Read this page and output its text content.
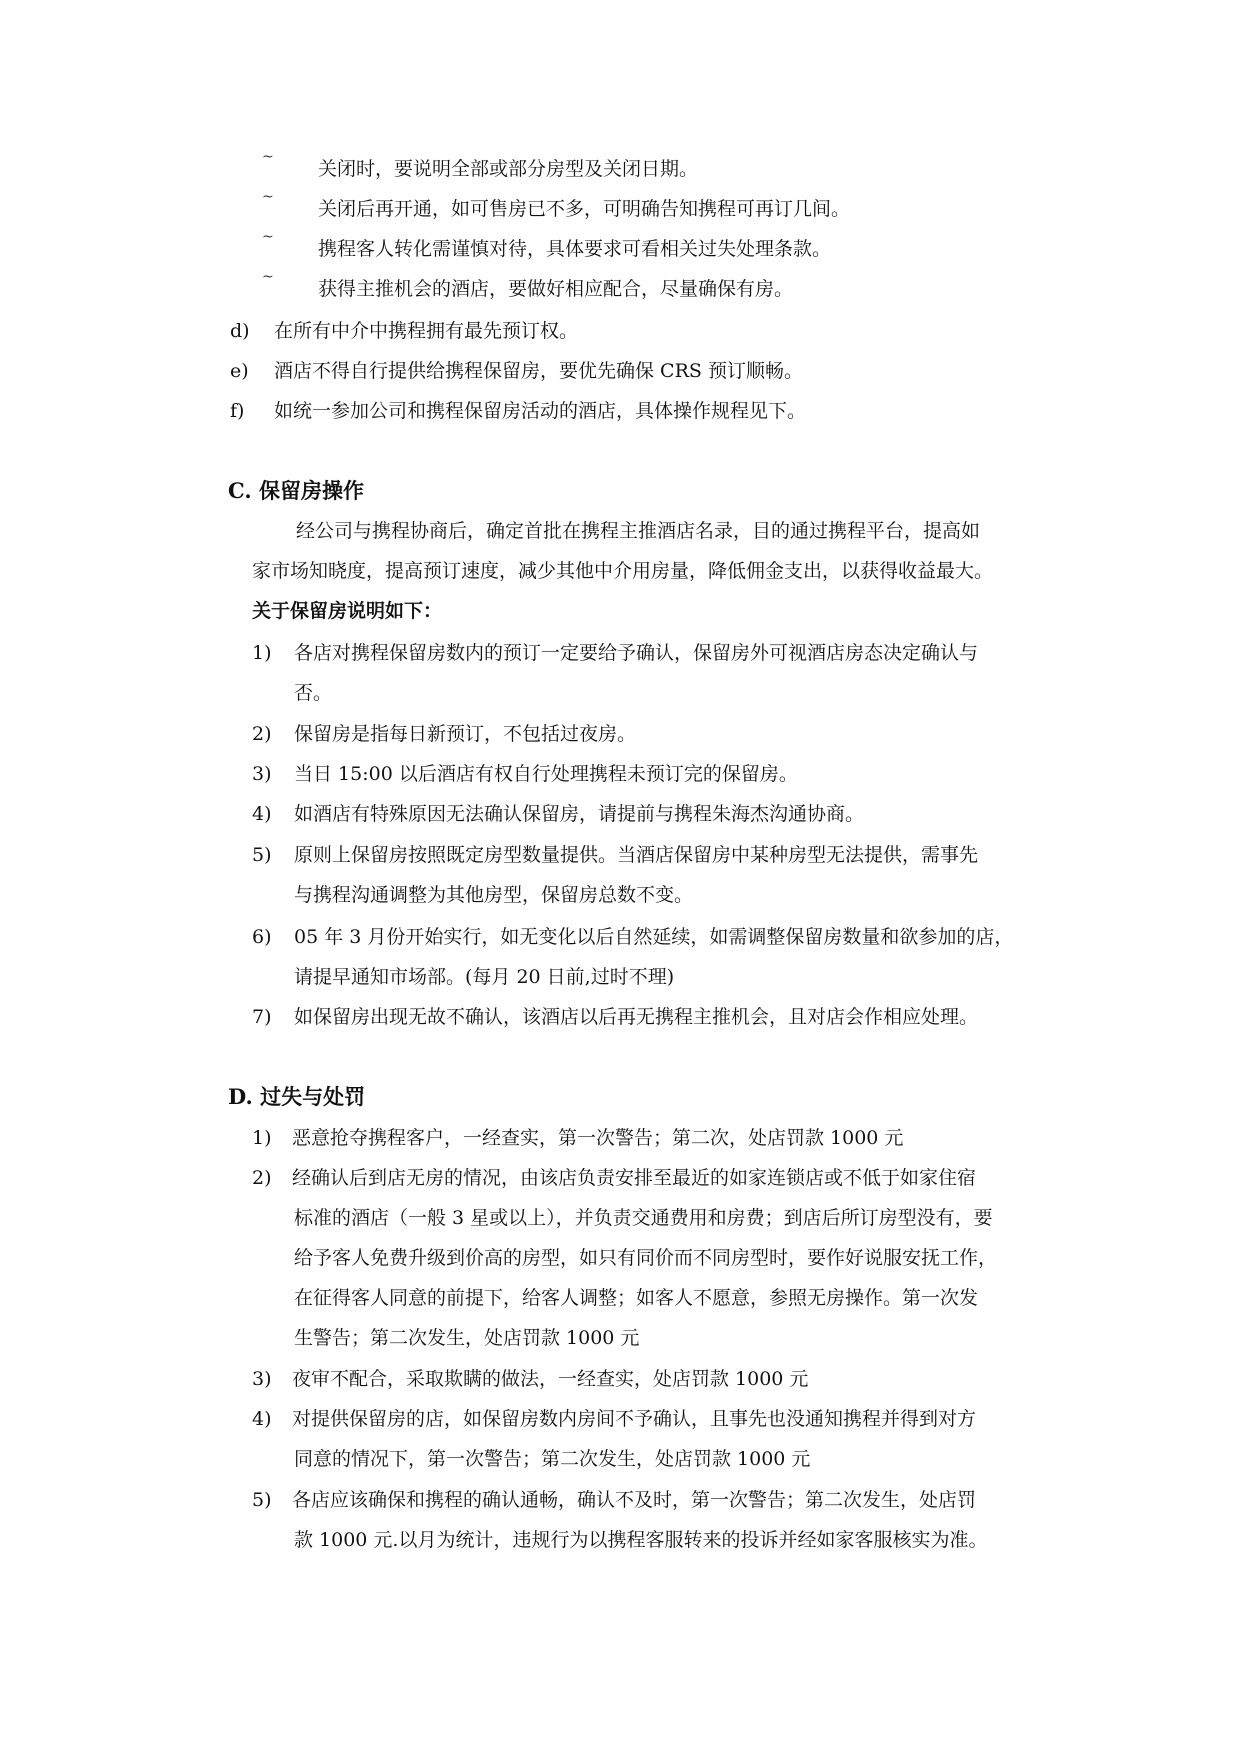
~
关闭时，要说明全部或部分房型及关闭日期。
~
关闭后再开通，如可售房已不多，可明确告知携程可再订几间。
~
携程客人转化需谨慎对待，具体要求可看相关过失处理条款。
~
获得主推机会的酒店，要做好相应配合，尽量确保有房。
d) 在所有中介中携程拥有最先预订权。
e) 酒店不得自行提供给携程保留房，要优先确保 CRS 预订顺畅。
f) 如统一参加公司和携程保留房活动的酒店，具体操作规程见下。
C. 保留房操作
经公司与携程协商后，确定首批在携程主推酒店名录，目的通过携程平台，提高如
家市场知晓度，提高预订速度，减少其他中介用房量，降低佣金支出，以获得收益最大。
关于保留房说明如下：
1) 各店对携程保留房数内的预订一定要给予确认，保留房外可视酒店房态决定确认与
否。
2) 保留房是指每日新预订，不包括过夜房。
3) 当日 15:00 以后酒店有权自行处理携程未预订完的保留房。
4) 如酒店有特殊原因无法确认保留房，请提前与携程朱海杰沟通协商。
5) 原则上保留房按照既定房型数量提供。当酒店保留房中某种房型无法提供，需事先
与携程沟通调整为其他房型，保留房总数不变。
6) 05 年 3 月份开始实行，如无变化以后自然延续，如需调整保留房数量和欲参加的店，
请提早通知市场部。(每月 20 日前,过时不理)
7) 如保留房出现无故不确认，该酒店以后再无携程主推机会，且对店会作相应处理。
D. 过失与处罚
1) 恶意抢夺携程客户，一经查实，第一次警告；第二次，处店罚款 1000 元
2) 经确认后到店无房的情况，由该店负责安排至最近的如家连锁店或不低于如家住宿
标准的酒店（一般 3 星或以上），并负责交通费用和房费；到店后所订房型没有，要
给予客人免费升级到价高的房型，如只有同价而不同房型时，要作好说服安抚工作，
在征得客人同意的前提下，给客人调整；如客人不愿意，参照无房操作。第一次发
生警告；第二次发生，处店罚款 1000 元
3) 夜审不配合，采取欺瞒的做法，一经查实，处店罚款 1000 元
4) 对提供保留房的店，如保留房数内房间不予确认，且事先也没通知携程并得到对方
同意的情况下，第一次警告；第二次发生，处店罚款 1000 元
5) 各店应该确保和携程的确认通畅，确认不及时，第一次警告；第二次发生，处店罚
款 1000 元.以月为统计，违规行为以携程客服转来的投诉并经如家客服核实为准。
